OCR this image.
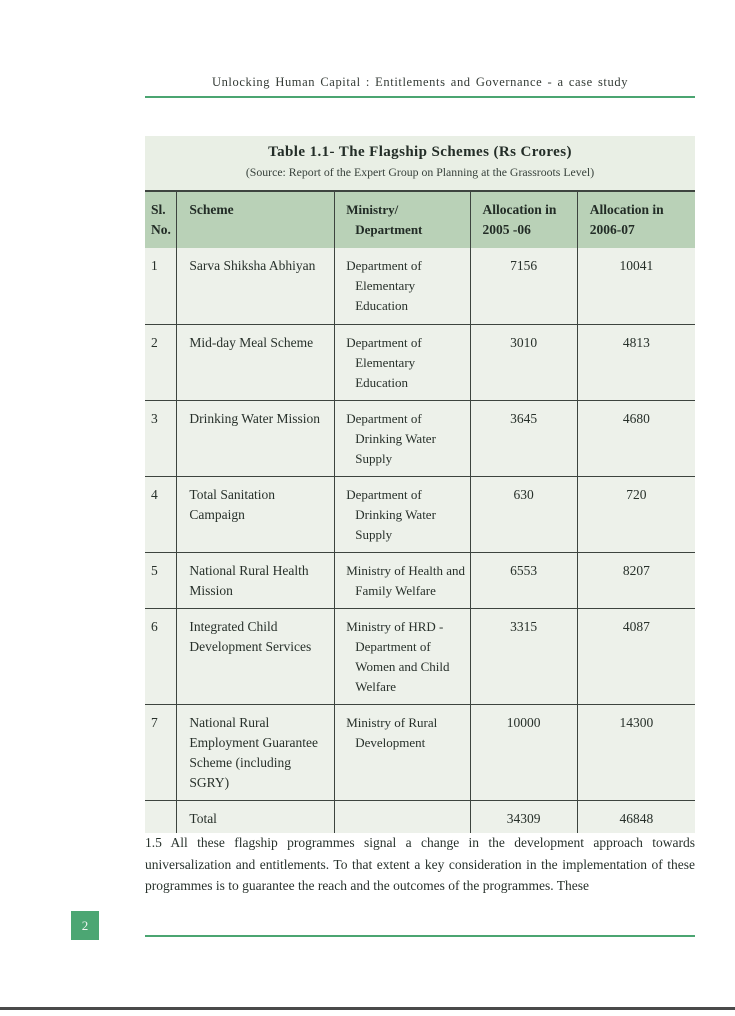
Unlocking Human Capital : Entitlements and Governance - a case study
Table 1.1- The Flagship Schemes (Rs Crores)
(Source: Report of the Expert Group on Planning at the Grassroots Level)
Sl. No.	Scheme	Ministry/ Department	Allocation in 2005 -06	Allocation in 2006-07
1	Sarva Shiksha Abhiyan	Department of Elementary Education	7156	10041
2	Mid-day Meal Scheme	Department of Elementary Education	3010	4813
3	Drinking Water Mission	Department of Drinking Water Supply	3645	4680
4	Total Sanitation Campaign	Department of Drinking Water Supply	630	720
5	National Rural Health Mission	Ministry of Health and Family Welfare	6553	8207
6	Integrated Child Development Services	Ministry of HRD - Department of Women and Child Welfare	3315	4087
7	National Rural Employment Guarantee Scheme (including SGRY)	Ministry of Rural Development	10000	14300
	Total		34309	46848

1.5 All these flagship programmes signal a change in the development approach towards universalization and entitlements. To that extent a key consideration in the implementation of these programmes is to guarantee the reach and the outcomes of the programmes. These

2
